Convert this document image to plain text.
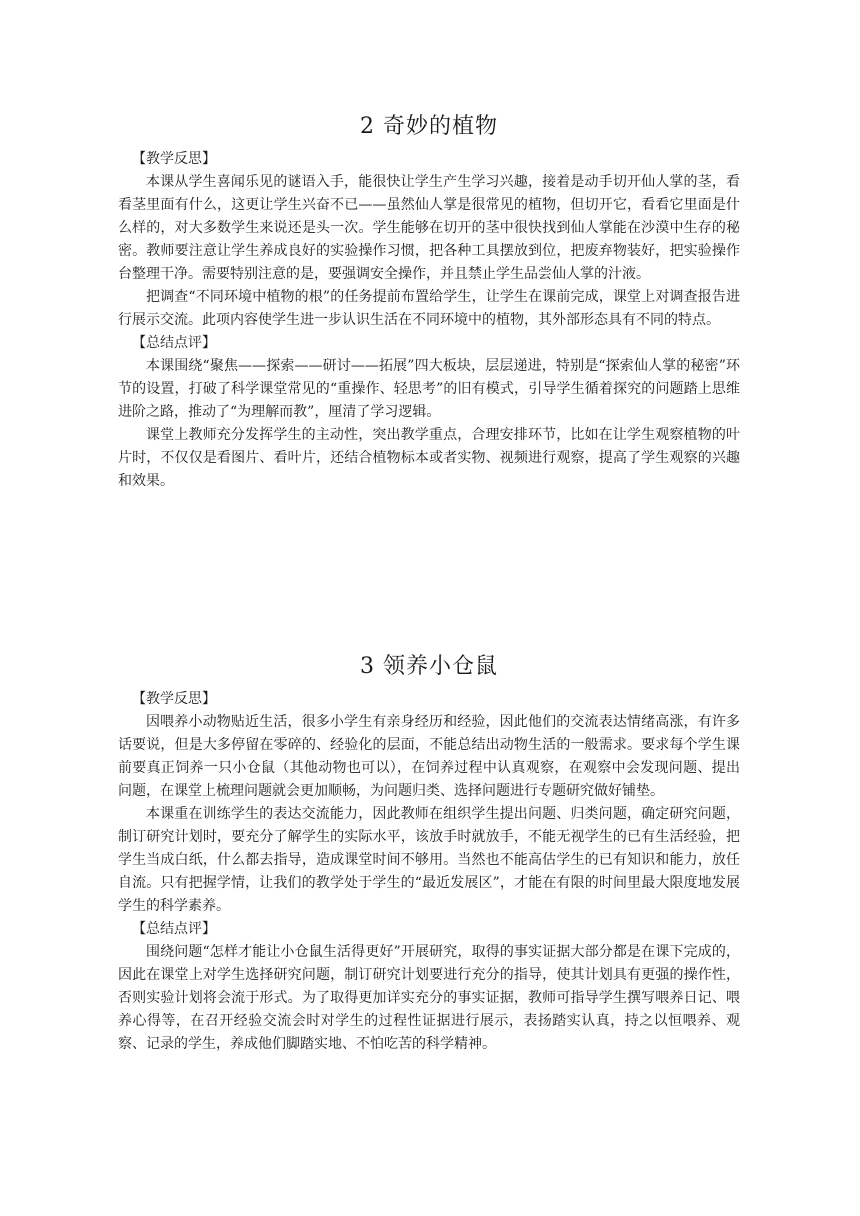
2 奇妙的植物

【教学反思】

本课从学生喜闻乐见的谜语入手，能很快让学生产生学习兴趣，接着是动手切开仙人掌的茎，看看茎里面有什么，这更让学生兴奋不已——虽然仙人掌是很常见的植物，但切开它，看看它里面是什么样的，对大多数学生来说还是头一次。学生能够在切开的茎中很快找到仙人掌能在沙漠中生存的秘密。教师要注意让学生养成良好的实验操作习惯，把各种工具摆放到位，把废弃物装好，把实验操作台整理干净。需要特别注意的是，要强调安全操作，并且禁止学生品尝仙人掌的汁液。

把调查“不同环境中植物的根”的任务提前布置给学生，让学生在课前完成，课堂上对调查报告进行展示交流。此项内容使学生进一步认识生活在不同环境中的植物，其外部形态具有不同的特点。

【总结点评】

本课围绕“聚焦——探索——研讨——拓展”四大板块，层层递进，特别是“探索仙人掌的秘密”环节的设置，打破了科学课堂常见的“重操作、轻思考”的旧有模式，引导学生循着探究的问题踏上思维进阶之路，推动了“为理解而教”，厘清了学习逻辑。

课堂上教师充分发挥学生的主动性，突出教学重点，合理安排环节，比如在让学生观察植物的叶片时，不仅仅是看图片、看叶片，还结合植物标本或者实物、视频进行观察，提高了学生观察的兴趣和效果。

3 领养小仓鼠

【教学反思】

因喂养小动物贴近生活，很多小学生有亲身经历和经验，因此他们的交流表达情绪高涨，有许多话要说，但是大多停留在零碎的、经验化的层面，不能总结出动物生活的一般需求。要求每个学生课前要真正饲养一只小仓鼠（其他动物也可以），在饲养过程中认真观察，在观察中会发现问题、提出问题，在课堂上梳理问题就会更加顺畅，为问题归类、选择问题进行专题研究做好铺垫。

本课重在训练学生的表达交流能力，因此教师在组织学生提出问题、归类问题，确定研究问题，制订研究计划时，要充分了解学生的实际水平，该放手时就放手，不能无视学生的已有生活经验，把学生当成白纸，什么都去指导，造成课堂时间不够用。当然也不能高估学生的已有知识和能力，放任自流。只有把握学情，让我们的教学处于学生的“最近发展区”，才能在有限的时间里最大限度地发展学生的科学素养。

【总结点评】

围绕问题“怎样才能让小仓鼠生活得更好”开展研究，取得的事实证据大部分都是在课下完成的，因此在课堂上对学生选择研究问题，制订研究计划要进行充分的指导，使其计划具有更强的操作性，否则实验计划将会流于形式。为了取得更加详实充分的事实证据，教师可指导学生撰写喂养日记、喂养心得等，在召开经验交流会时对学生的过程性证据进行展示，表扬踏实认真，持之以恒喂养、观察、记录的学生，养成他们脚踏实地、不怕吃苦的科学精神。
